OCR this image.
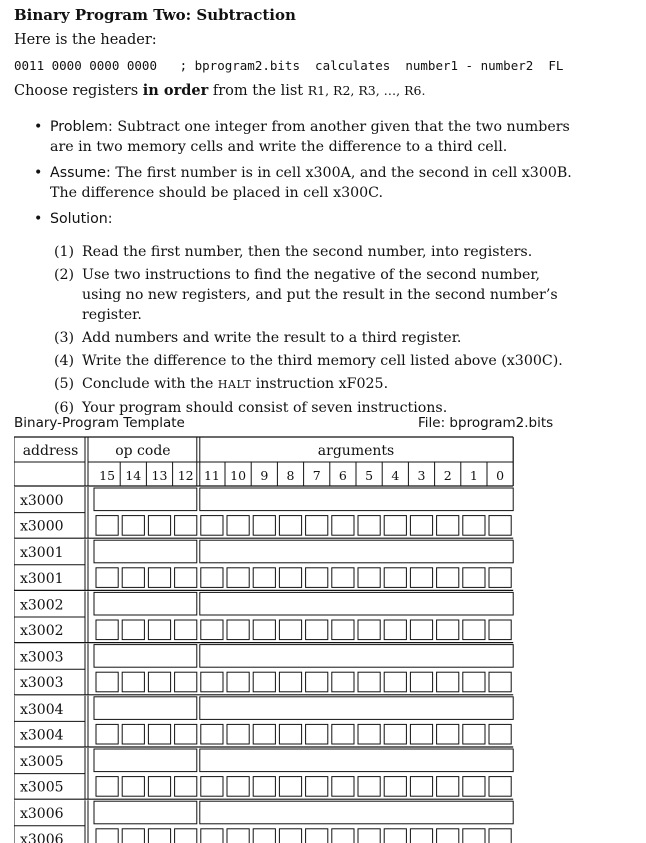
Binary Program Two: Subtraction
Here is the header:
0011 0000 0000 0000 ; bprogram2.bits  calculates  number1 - number2  FL
Choose registers in order from the list R1, R2, R3, …, R6.
• Problem: Subtract one integer from another given that the two numbers are in two memory cells and write the difference to a third cell.
• Assume: The first number is in cell x300A, and the second in cell x300B. The difference should be placed in cell x300C.
• Solution:
(1) Read the first number, then the second number, into registers.
(2) Use two instructions to find the negative of the second number, using no new registers, and put the result in the second number’s register.
(3) Add numbers and write the result to a third register.
(4) Write the difference to the third memory cell listed above (x300C).
(5) Conclude with the HALT instruction xF025.
(6) Your program should consist of seven instructions.
Binary-Program Template	File: bprogram2.bits
address	op code	arguments
15 14 13 12 11 10 9 8 7 6 5 4 3 2 1 0
x3000
x3000
x3001
x3001
x3002
x3002
x3003
x3003
x3004
x3004
x3005
x3005
x3006
x3006
